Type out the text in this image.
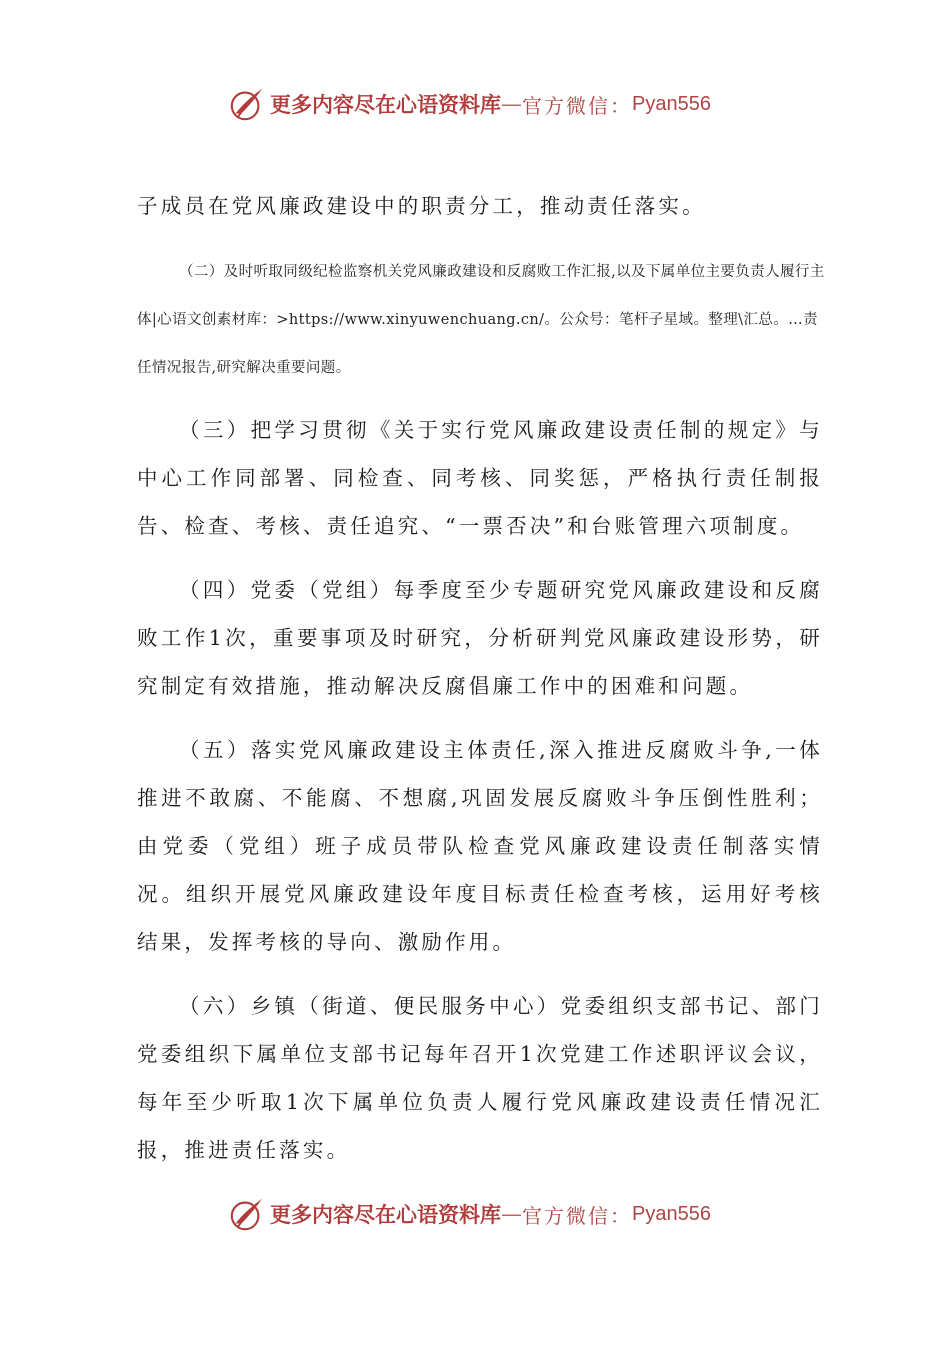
更多内容尽在心语资料库 — 官方微信： Pyan556

子成员在党风廉政建设中的职责分工，推动责任落实。

（二）及时听取同级纪检监察机关党风廉政建设和反腐败工作汇报,以及下属单位主要负责人履行主体|心语文创素材库：>https://www.xinyuwenchuang.cn/。公众号：笔杆子星域。整理\汇总。…责任情况报告,研究解决重要问题。

（三）把学习贯彻《关于实行党风廉政建设责任制的规定》与中心工作同部署、同检查、同考核、同奖惩，严格执行责任制报告、检查、考核、责任追究、“一票否决”和台账管理六项制度。

（四）党委（党组）每季度至少专题研究党风廉政建设和反腐败工作1次，重要事项及时研究，分析研判党风廉政建设形势，研究制定有效措施，推动解决反腐倡廉工作中的困难和问题。

（五）落实党风廉政建设主体责任,深入推进反腐败斗争,一体推进不敢腐、不能腐、不想腐,巩固发展反腐败斗争压倒性胜利；由党委（党组）班子成员带队检查党风廉政建设责任制落实情况。组织开展党风廉政建设年度目标责任检查考核，运用好考核结果，发挥考核的导向、激励作用。

（六）乡镇（街道、便民服务中心）党委组织支部书记、部门党委组织下属单位支部书记每年召开1次党建工作述职评议会议，每年至少听取1次下属单位负责人履行党风廉政建设责任情况汇报，推进责任落实。

更多内容尽在心语资料库 — 官方微信： Pyan556
